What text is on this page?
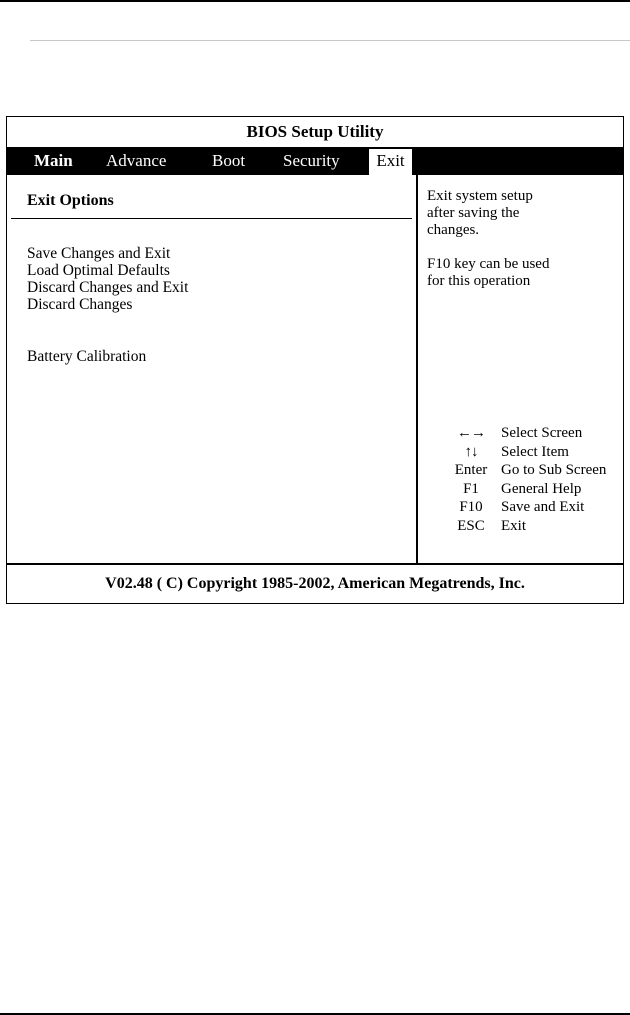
BIOS Setup Utility
Main Advance	Boot Security	Exit
Exit Options
Save Changes and Exit
Load Optimal Defaults
Discard Changes and Exit
Discard Changes
Battery Calibration

Exit system setup

after saving the

changes.

F10 key can be used

for this operation

←→	Select Screen
↑↓	Select Item
Enter Go to Sub Screen
F1	General Help
F10	Save and Exit
ESC	Exit
V02.48 ( C) Copyright 1985-2002, American Megatrends, Inc.
